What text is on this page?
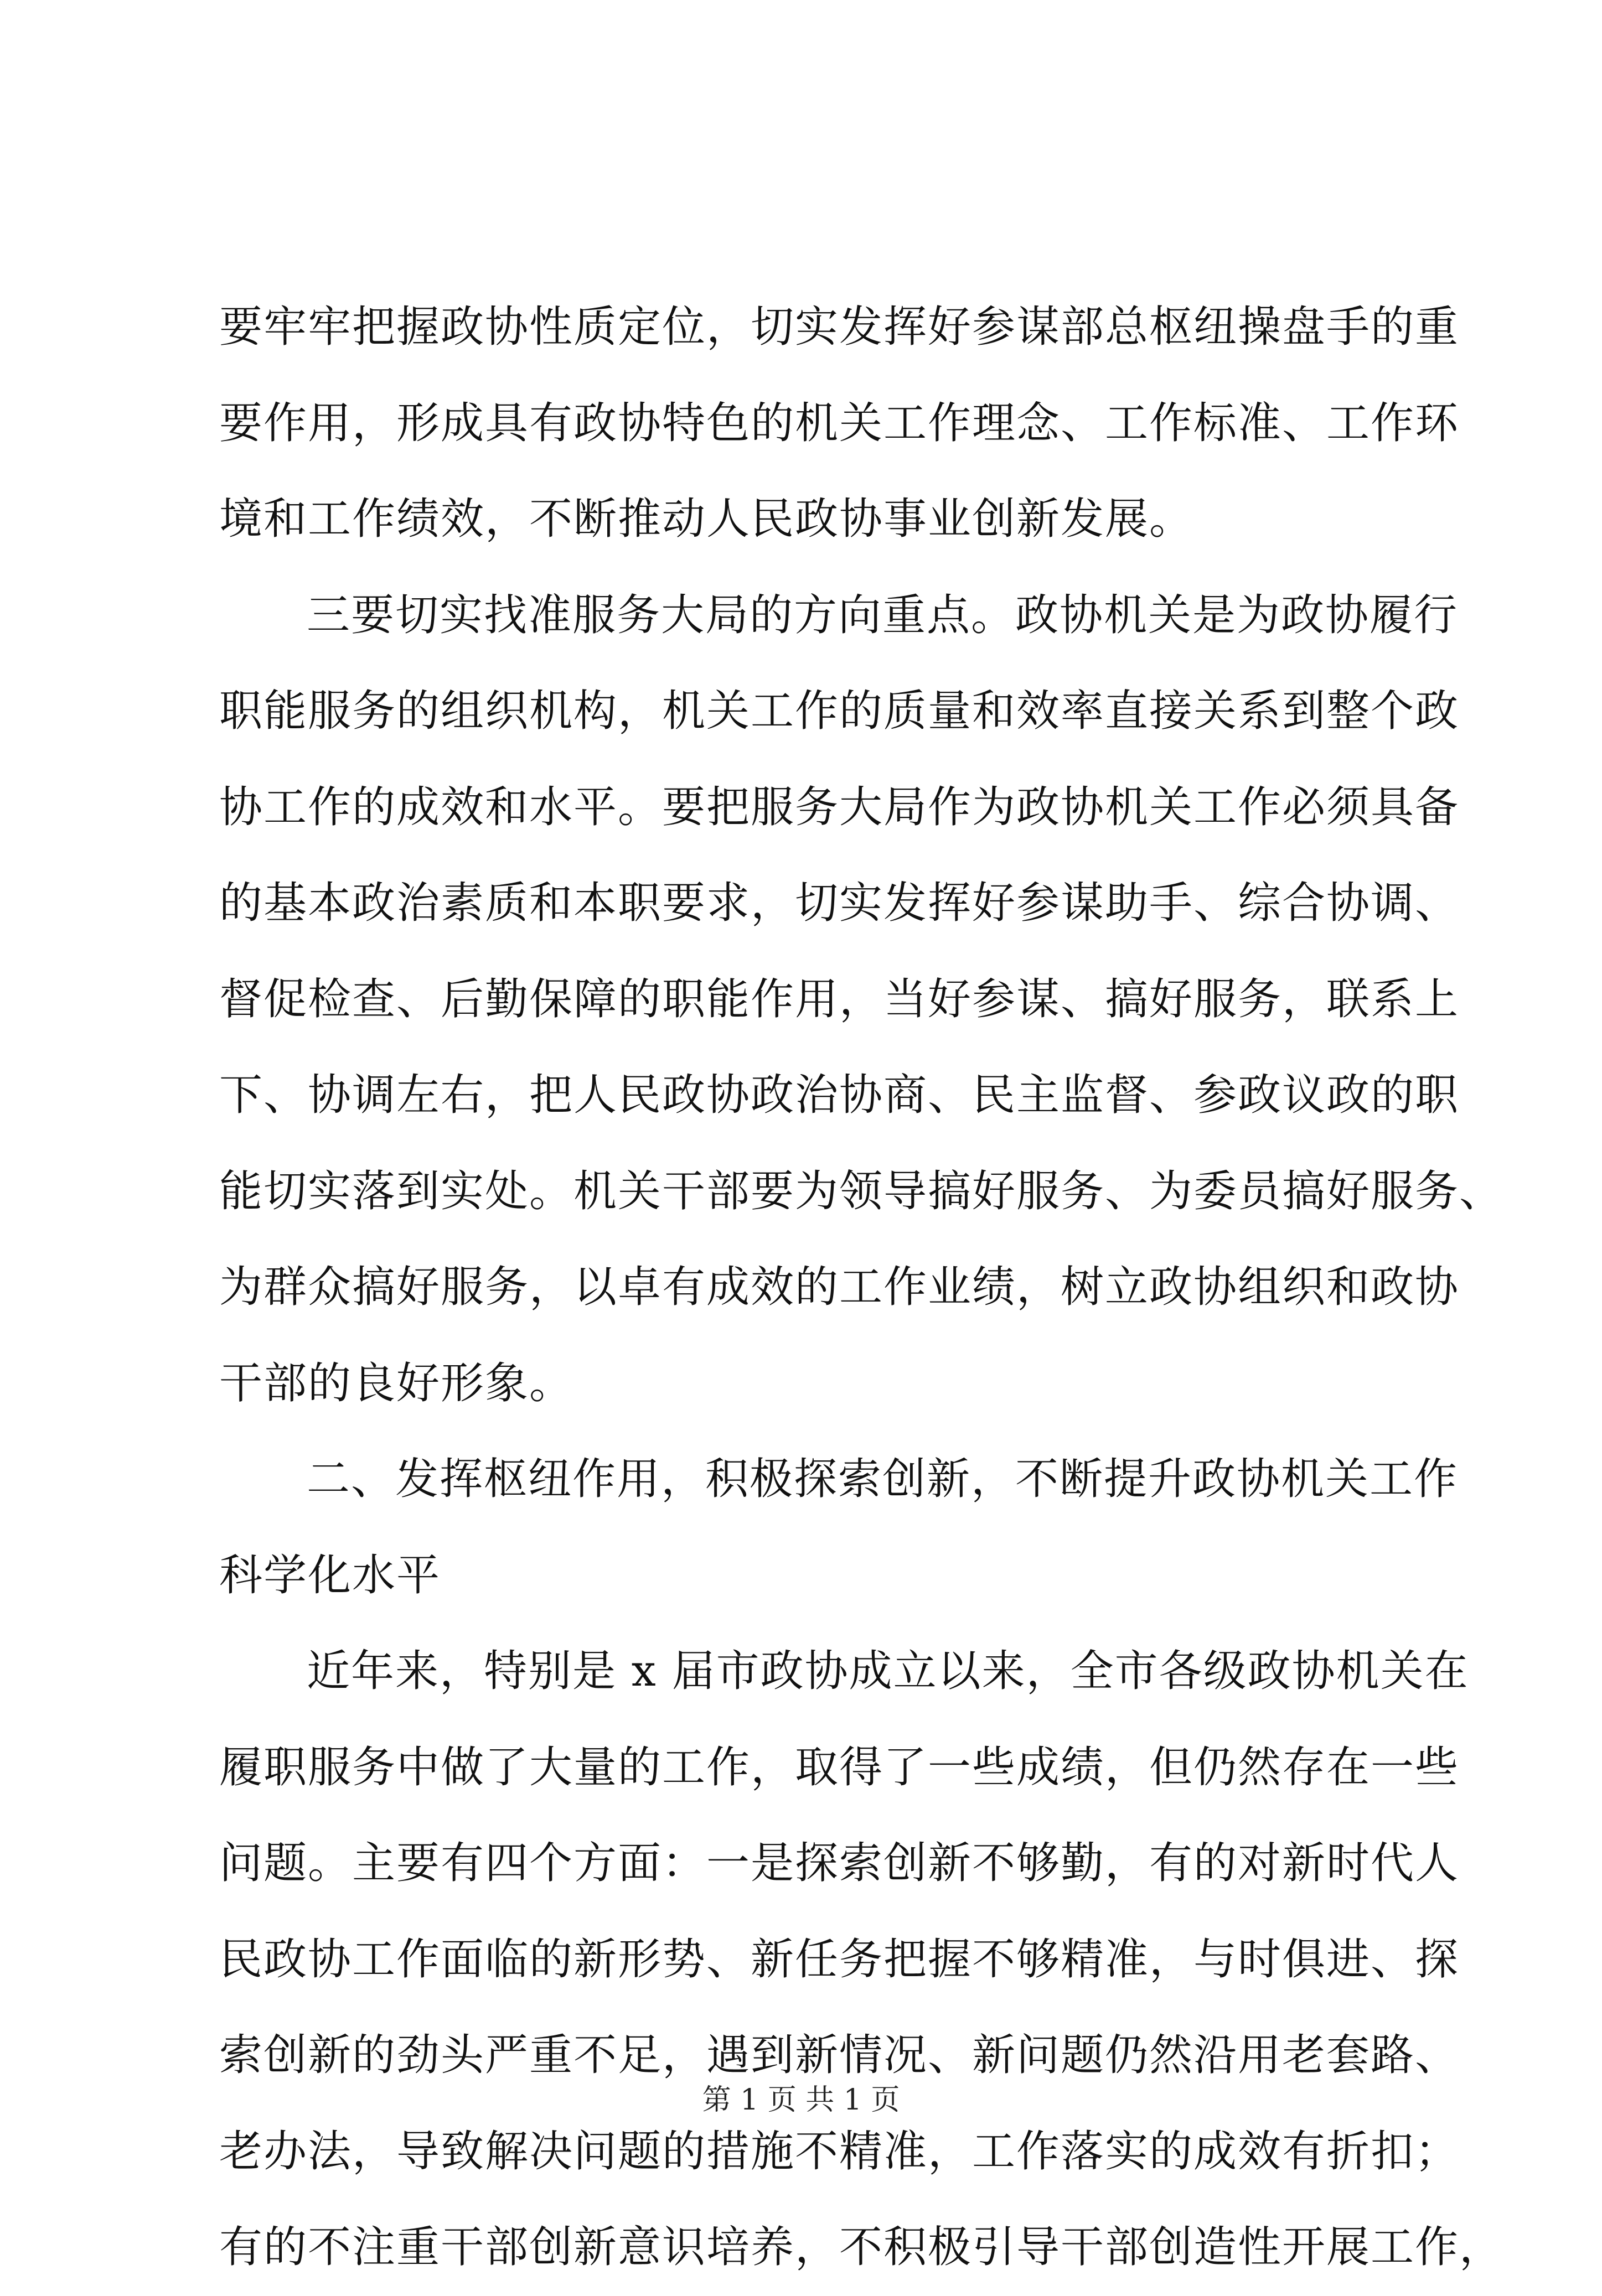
要牢牢把握政协性质定位，切实发挥好参谋部总枢纽操盘手的重
要作用，形成具有政协特色的机关工作理念、工作标准、工作环
境和工作绩效，不断推动人民政协事业创新发展。
三要切实找准服务大局的方向重点。政协机关是为政协履行
职能服务的组织机构，机关工作的质量和效率直接关系到整个政
协工作的成效和水平。要把服务大局作为政协机关工作必须具备
的基本政治素质和本职要求，切实发挥好参谋助手、综合协调、
督促检查、后勤保障的职能作用，当好参谋、搞好服务，联系上
下、协调左右，把人民政协政治协商、民主监督、参政议政的职
能切实落到实处。机关干部要为领导搞好服务、为委员搞好服务、
为群众搞好服务，以卓有成效的工作业绩，树立政协组织和政协
干部的良好形象。
二、发挥枢纽作用，积极探索创新，不断提升政协机关工作
科学化水平
近年来，特别是 x 届市政协成立以来，全市各级政协机关在
履职服务中做了大量的工作，取得了一些成绩，但仍然存在一些
问题。主要有四个方面：一是探索创新不够勤，有的对新时代人
民政协工作面临的新形势、新任务把握不够精准，与时俱进、探
索创新的劲头严重不足，遇到新情况、新问题仍然沿用老套路、
老办法，导致解决问题的措施不精准，工作落实的成效有折扣；
有的不注重干部创新意识培养，不积极引导干部创造性开展工作，
第 1 页 共 1 页
